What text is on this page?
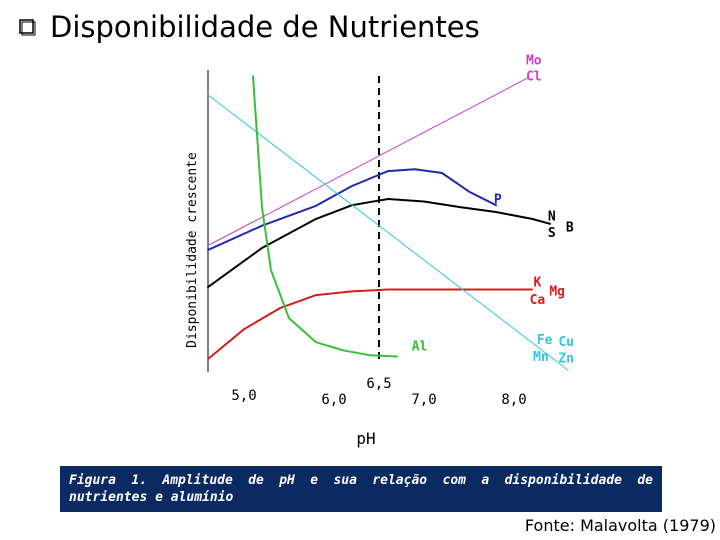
Disponibilidade de Nutrientes
Disponibilidade crescente
5,0	6,0
6,5
7,0	8,0
pH
Mo
Cl
P
N
S B
K
Mg
Ca
Al	Fe Cu
Mn Zn
Figura 1. Amplitude de pH e sua relação com a disponibilidade de nutrientes e alumínio
Fonte: Malavolta (1979)
